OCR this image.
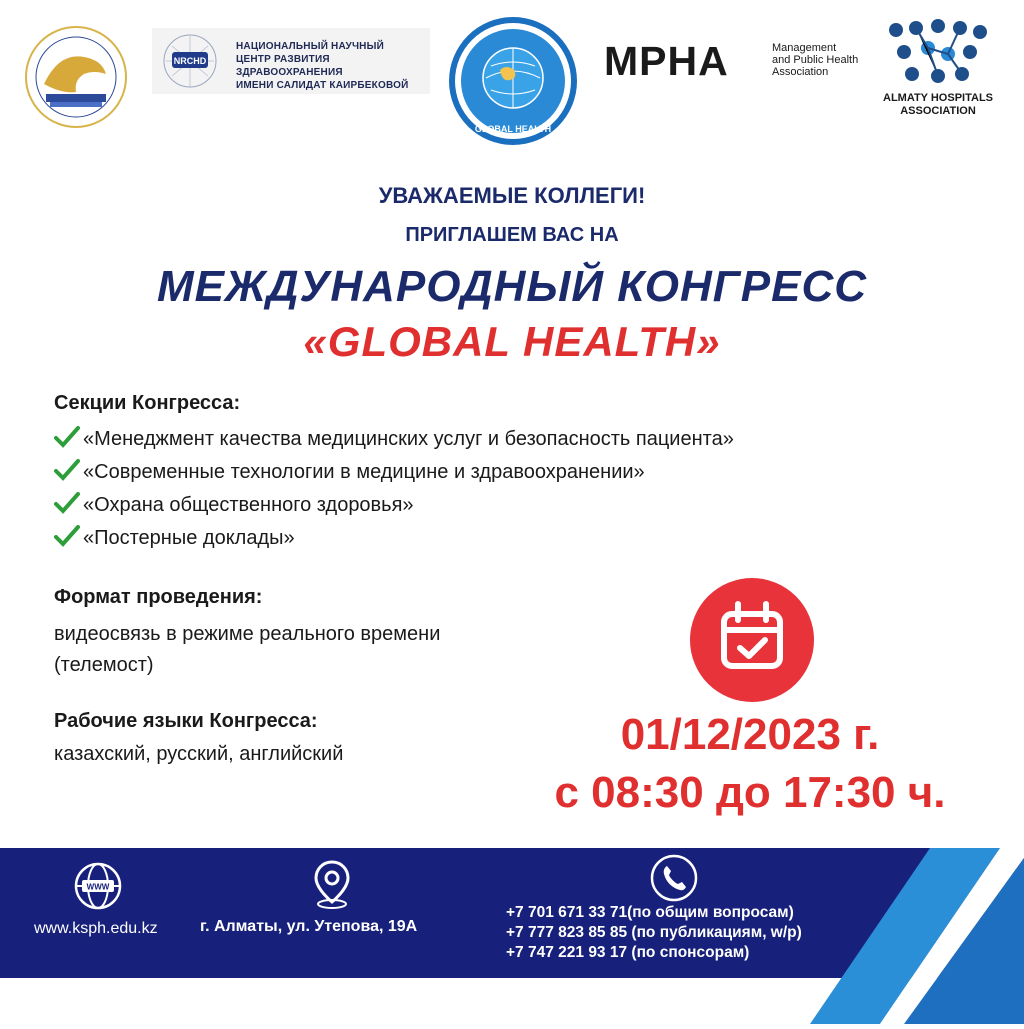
NRCHD
НАЦИОНАЛЬНЫЙ НАУЧНЫЙ
ЦЕНТР РАЗВИТИЯ ЗДРАВООХРАНЕНИЯ
ИМЕНИ САЛИДАТ КАИРБЕКОВОЙ
GLOBAL HEALTH
MPHA	Management
and Public Health
Association
ALMATY HOSPITALS
ASSOCIATION
УВАЖАЕМЫЕ КОЛЛЕГИ!
ПРИГЛАШЕМ ВАС НА
МЕЖДУНАРОДНЫЙ КОНГРЕСС
«GLOBAL HEALTH»
Секции Конгресса:
«Менеджмент качества медицинских услуг и безопасность пациента»
«Современные технологии в медицине и здравоохранении»
«Охрана общественного здоровья»
«Постерные доклады»
Формат проведения:
видеосвязь в режиме реального времени (телемост)
Рабочие языки Конгресса:
казахский, русский, английский	01/12/2023 г.
с 08:30 до 17:30 ч.
WWW
www.ksph.edu.kz	г. Алматы, ул. Утепова, 19А
+7 701 671 33 71(по общим вопросам)
+7 777 823 85 85 (по публикациям, w/p)
+7 747 221 93 17 (по спонсорам)
